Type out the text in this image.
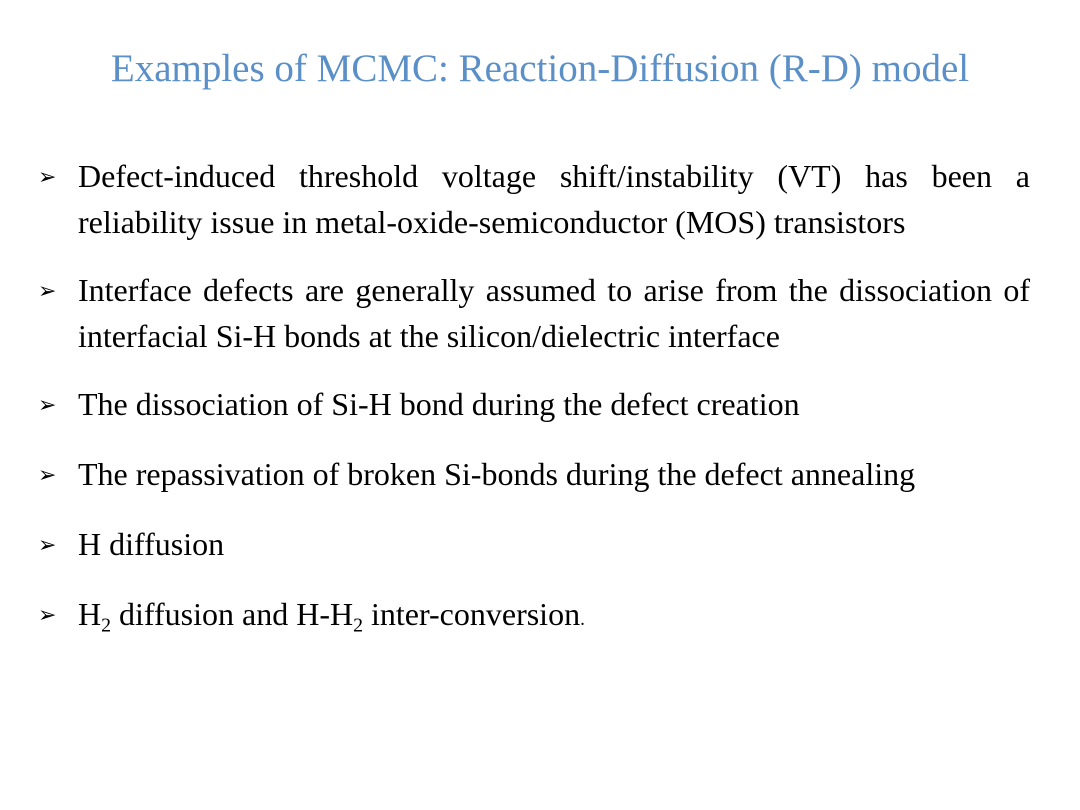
Examples of MCMC: Reaction-Diffusion (R-D) model
➢ Defect-induced threshold voltage shift/instability (VT) has been a reliability issue in metal-oxide-semiconductor (MOS) transistors
➢ Interface defects are generally assumed to arise from the dissociation of interfacial Si-H bonds at the silicon/dielectric interface
➢ The dissociation of Si-H bond during the defect creation
➢ The repassivation of broken Si-bonds during the defect annealing
➢ H diffusion
➢ $H_2$ diffusion and $H-H_2$ inter-conversion.
